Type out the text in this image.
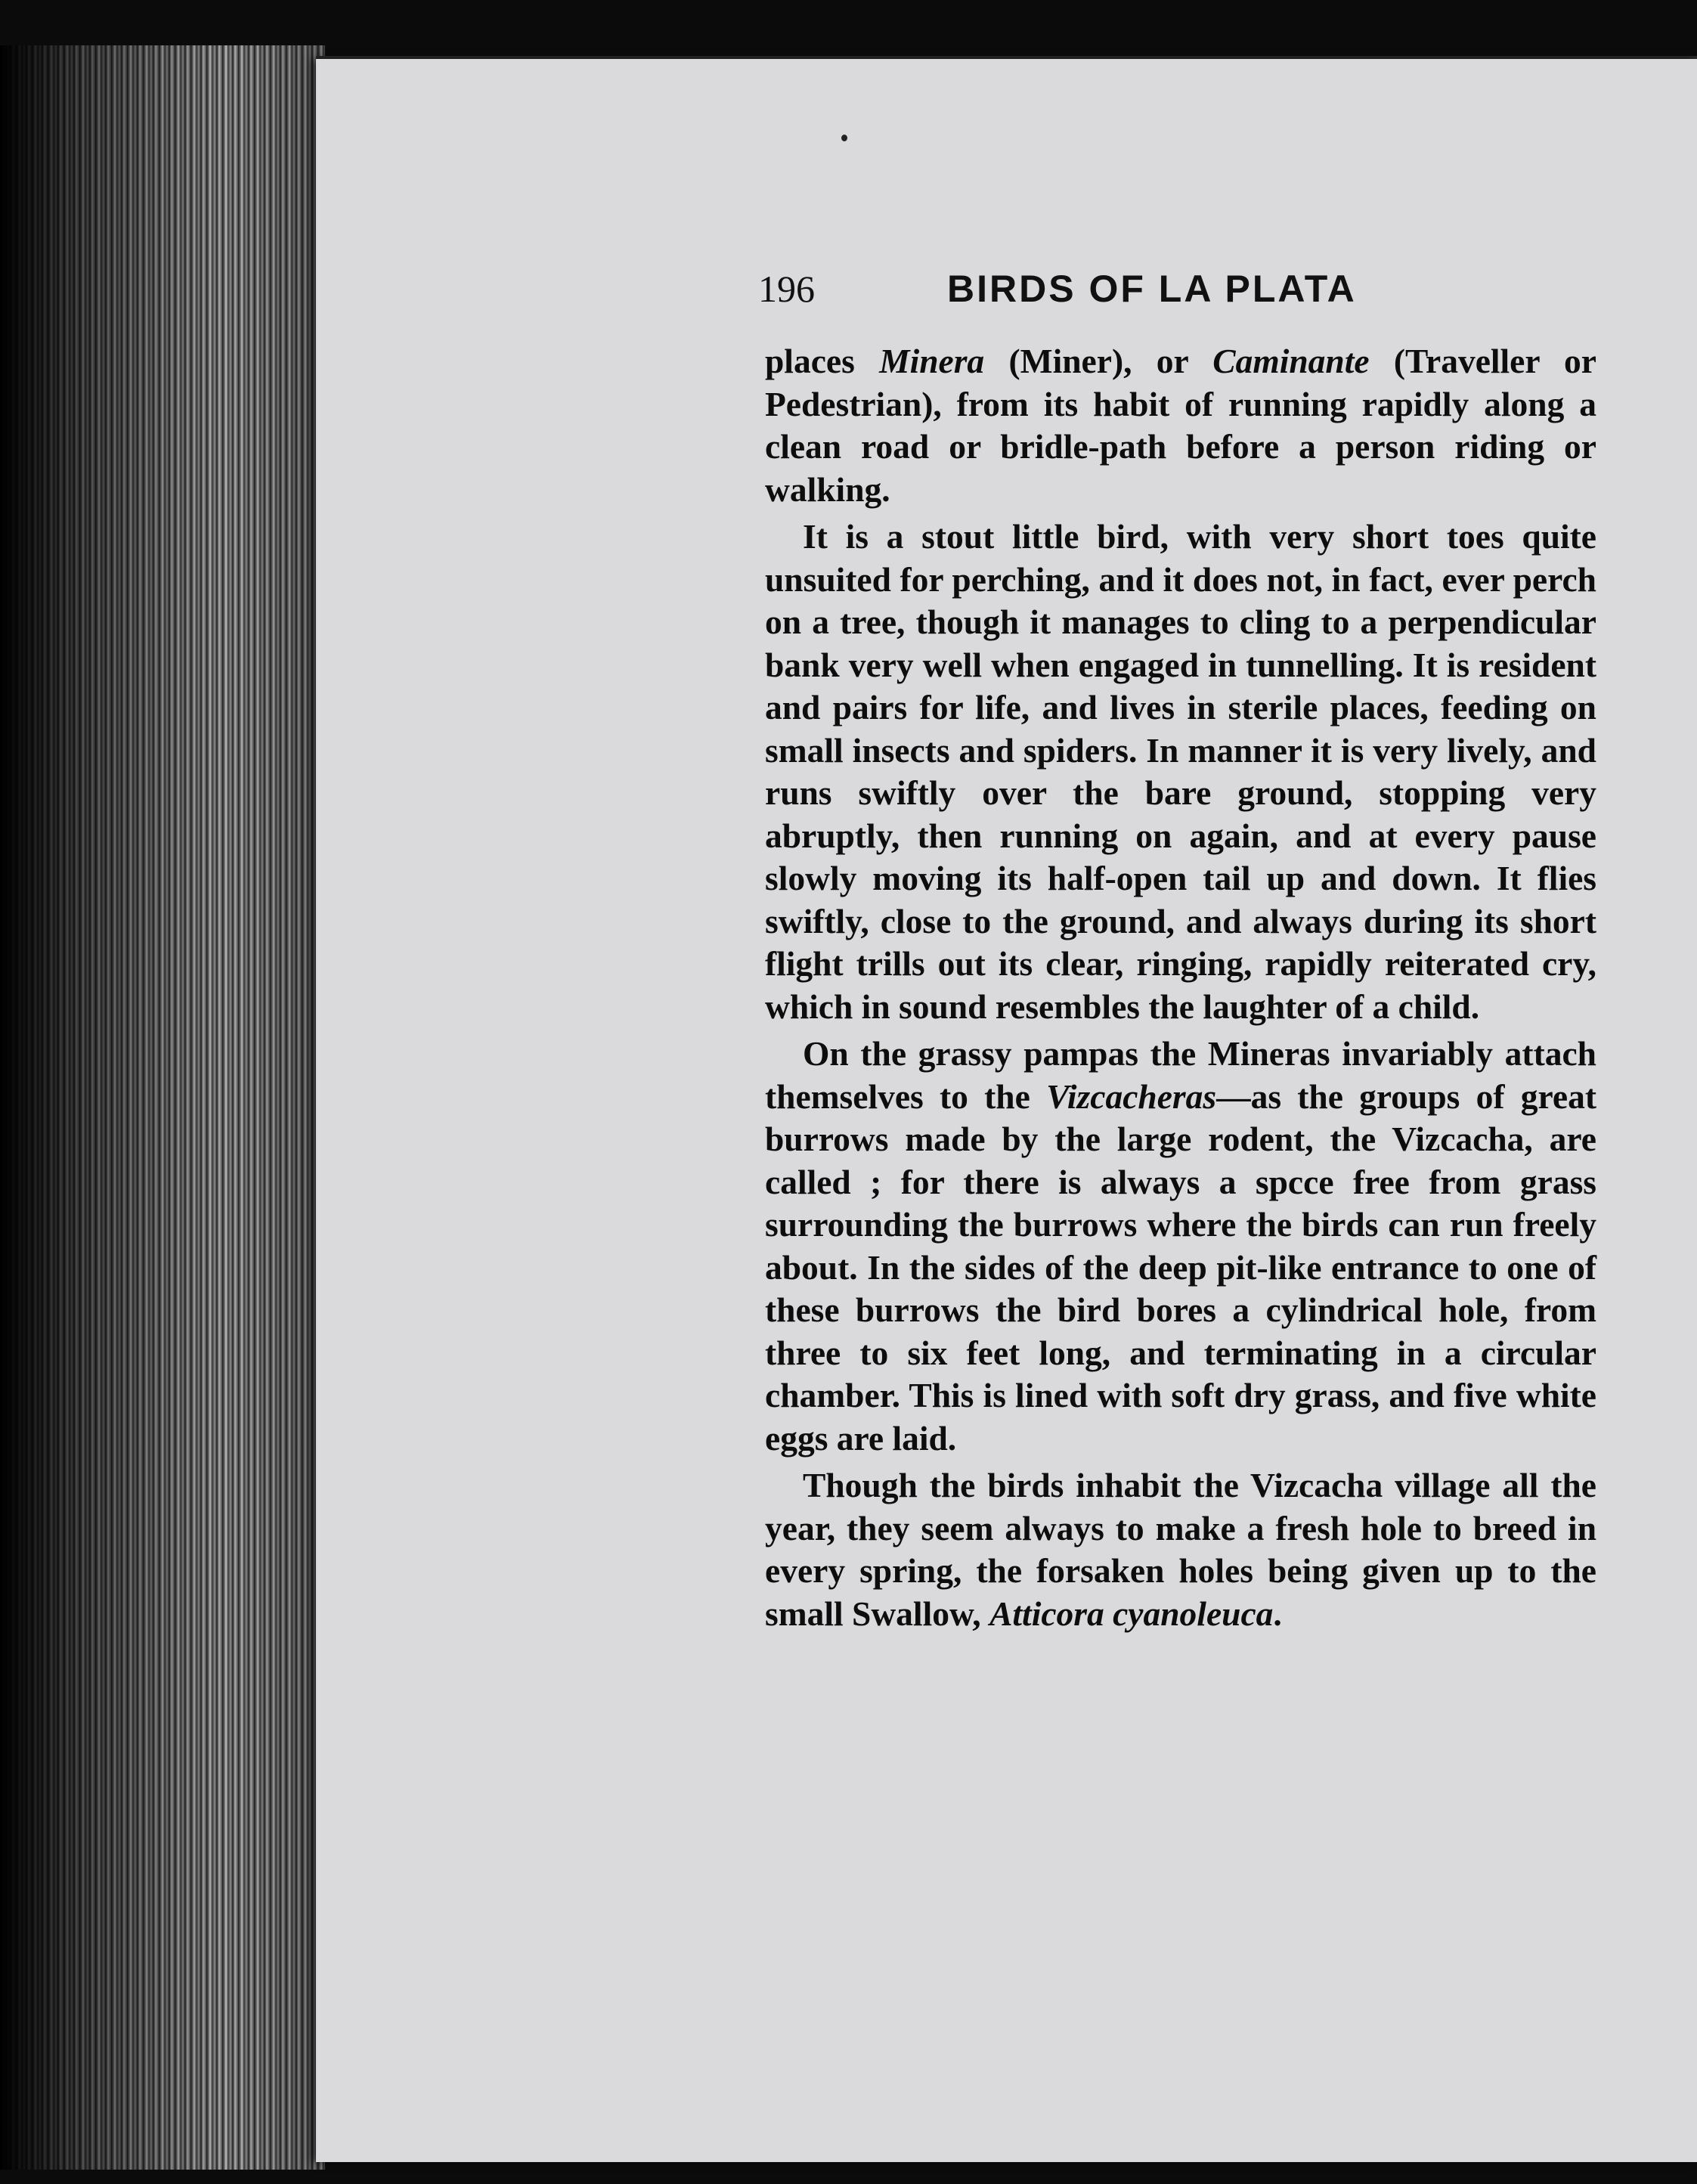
196	BIRDS OF LA PLATA

places Minera (Miner), or Caminante (Traveller or Pedestrian), from its habit of running rapidly along a clean road or bridle-path before a person riding or walking.

It is a stout little bird, with very short toes quite unsuited for perching, and it does not, in fact, ever perch on a tree, though it manages to cling to a perpendicular bank very well when engaged in tunnelling. It is resident and pairs for life, and lives in sterile places, feeding on small insects and spiders. In manner it is very lively, and runs swiftly over the bare ground, stopping very abruptly, then running on again, and at every pause slowly moving its half-open tail up and down. It flies swiftly, close to the ground, and always during its short flight trills out its clear, ringing, rapidly reiterated cry, which in sound resembles the laughter of a child.

On the grassy pampas the Mineras invariably attach themselves to the Vizcacheras—as the groups of great burrows made by the large rodent, the Vizcacha, are called ; for there is always a spcce free from grass surrounding the burrows where the birds can run freely about. In the sides of the deep pit-like entrance to one of these burrows the bird bores a cylindrical hole, from three to six feet long, and terminating in a circular chamber. This is lined with soft dry grass, and five white eggs are laid.

Though the birds inhabit the Vizcacha village all the year, they seem always to make a fresh hole to breed in every spring, the forsaken holes being given up to the small Swallow, Atticora cyanoleuca.
